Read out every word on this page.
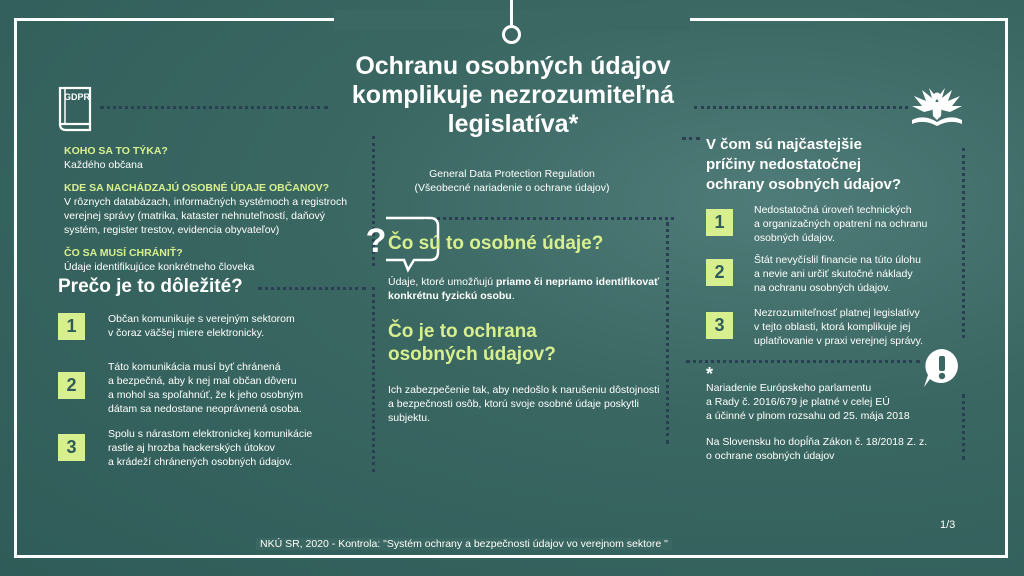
Ochranu osobných údajov
komplikuje nezrozumiteľná
legislatíva*
GDPR
General Data Protection Regulation
(Všeobecné nariadenie o ochrane údajov)
KOHO SA TO TÝKA?
Každého občana
KDE SA NACHÁDZAJÚ OSOBNÉ ÚDAJE OBČANOV?
V rôznych databázach, informačných systémoch a registroch
verejnej správy (matrika, kataster nehnuteľností, daňový
systém, register trestov, evidencia obyvateľov)
ČO SA MUSÍ CHRÁNIŤ?
Údaje identifikujúce konkrétneho človeka
Prečo je to dôležité?
1	Občan komunikuje s verejným sektorom
v čoraz väčšej miere elektronicky.
2
Táto komunikácia musí byť chránená
a bezpečná, aby k nej mal občan dôveru
a mohol sa spoľahnúť, že k jeho osobným
dátam sa nedostane neoprávnená osoba.
3
Spolu s nárastom elektronickej komunikácie
rastie aj hrozba hackerských útokov
a krádeží chránených osobných údajov.
? Čo sú to osobné údaje?
Údaje, ktoré umožňujú priamo či nepriamo identifikovať
konkrétnu fyzickú osobu.
Čo je to ochrana
osobných údajov?
Ich zabezpečenie tak, aby nedošlo k narušeniu dôstojnosti
a bezpečnosti osôb, ktorú svoje osobné údaje poskytli
subjektu.
V čom sú najčastejšie
príčiny nedostatočnej
ochrany osobných údajov?
1
Nedostatočná úroveň technických
a organizačných opatrení na ochranu
osobných údajov.
2
Štát nevyčíslil financie na túto úlohu
a nevie ani určiť skutočné náklady
na ochranu osobných údajov.
3
Nezrozumiteľnosť platnej legislatívy
v tejto oblasti, ktorá komplikuje jej
uplatňovanie v praxi verejnej správy.
*
Nariadenie Európskeho parlamentu
a Rady č. 2016/679 je platné v celej EÚ
a účinné v plnom rozsahu od 25. mája 2018
Na Slovensku ho dopĺňa Zákon č. 18/2018 Z. z.
o ochrane osobných údajov
1/3
NKÚ SR, 2020 - Kontrola: "Systém ochrany a bezpečnosti údajov vo verejnom sektore "
